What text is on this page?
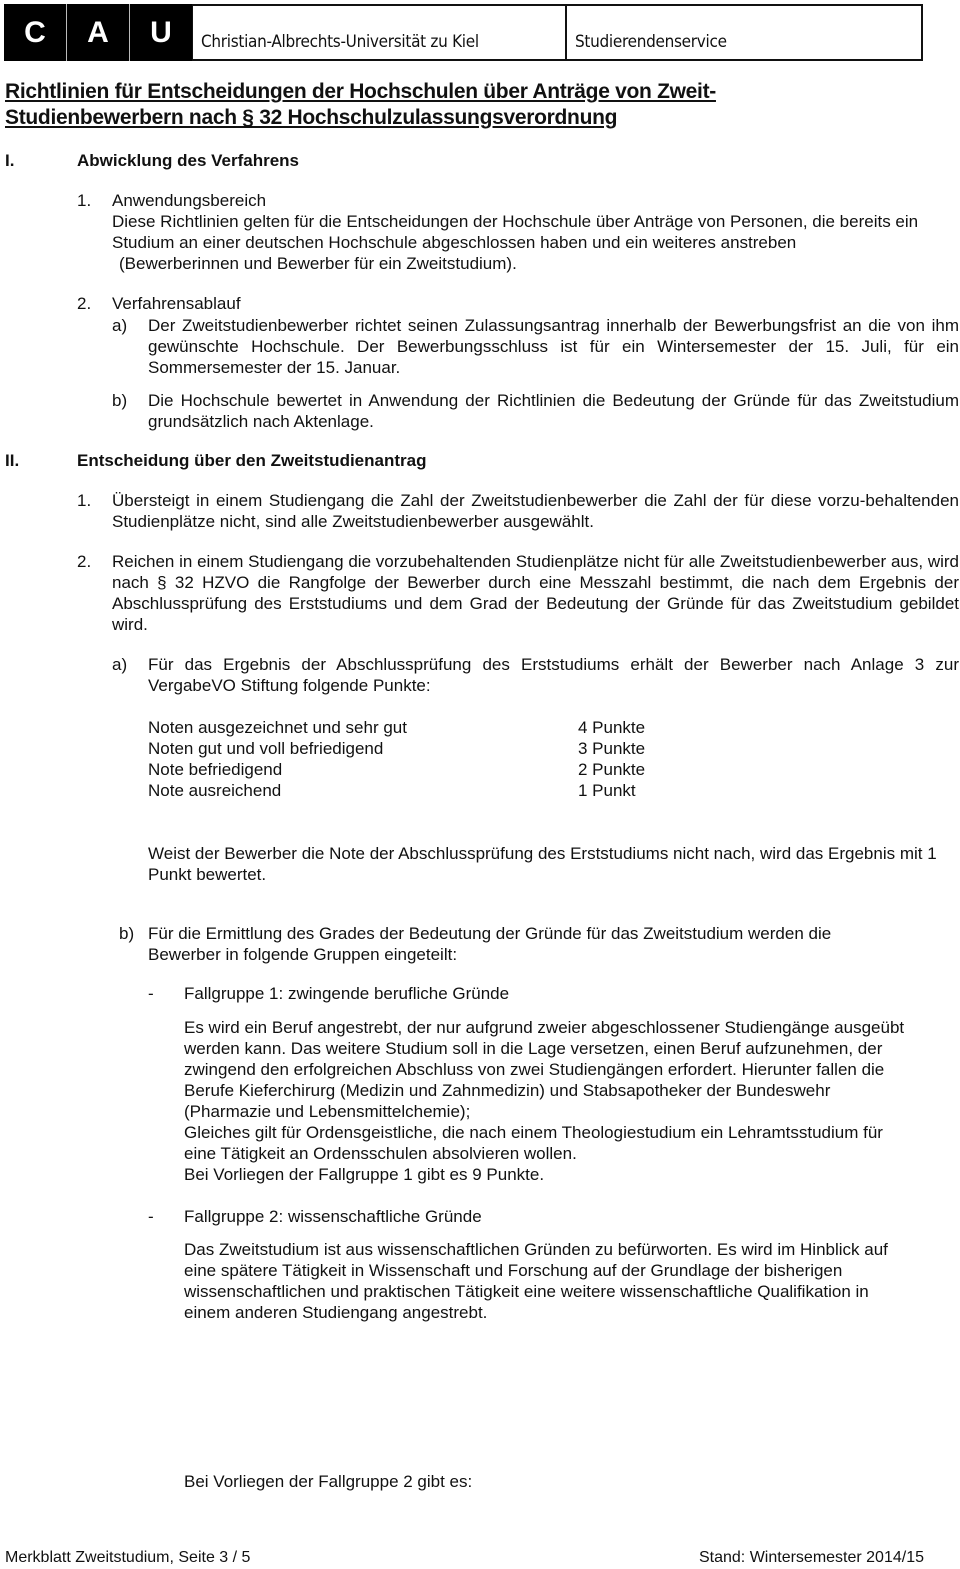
C	A	U	Christian-Albrechts-Universität zu Kiel	Studierendenservice
Richtlinien für Entscheidungen der Hochschulen über Anträge von Zweit-
Studienbewerbern nach § 32 Hochschulzulassungsverordnung
I.	Abwicklung des Verfahrens
1. Anwendungsbereich
Diese Richtlinien gelten für die Entscheidungen der Hochschule über Anträge von Personen, die bereits ein Studium an einer deutschen Hochschule abgeschlossen haben und ein weiteres anstreben
(Bewerberinnen und Bewerber für ein Zweitstudium).
2. Verfahrensablauf
a) Der Zweitstudienbewerber richtet seinen Zulassungsantrag innerhalb der Bewerbungsfrist an die von ihm gewünschte Hochschule. Der Bewerbungsschluss ist für ein Wintersemester der 15. Juli, für ein Sommersemester der 15. Januar.
b) Die Hochschule bewertet in Anwendung der Richtlinien die Bedeutung der Gründe für das Zweitstudium grundsätzlich nach Aktenlage.
II.	Entscheidung über den Zweitstudienantrag
1. Übersteigt in einem Studiengang die Zahl der Zweitstudienbewerber die Zahl der für diese vorzu-behaltenden Studienplätze nicht, sind alle Zweitstudienbewerber ausgewählt.
2. Reichen in einem Studiengang die vorzubehaltenden Studienplätze nicht für alle Zweitstudienbewerber aus, wird nach § 32 HZVO die Rangfolge der Bewerber durch eine Messzahl bestimmt, die nach dem Ergebnis der Abschlussprüfung des Erststudiums und dem Grad der Bedeutung der Gründe für das Zweitstudium gebildet wird.
a) Für das Ergebnis der Abschlussprüfung des Erststudiums erhält der Bewerber nach Anlage 3 zur VergabeVO Stiftung folgende Punkte:
Noten ausgezeichnet und sehr gut	4 Punkte
Noten gut und voll befriedigend	3 Punkte
Note befriedigend	2 Punkte
Note ausreichend	1 Punkt
Weist der Bewerber die Note der Abschlussprüfung des Erststudiums nicht nach, wird das Ergebnis mit 1 Punkt bewertet.
b) Für die Ermittlung des Grades der Bedeutung der Gründe für das Zweitstudium werden die Bewerber in folgende Gruppen eingeteilt:
- Fallgruppe 1: zwingende berufliche Gründe
Es wird ein Beruf angestrebt, der nur aufgrund zweier abgeschlossener Studiengänge ausgeübt
werden kann. Das weitere Studium soll in die Lage versetzen, einen Beruf aufzunehmen, der
zwingend den erfolgreichen Abschluss von zwei Studiengängen erfordert. Hierunter fallen die
Berufe Kieferchirurg (Medizin und Zahnmedizin) und Stabsapotheker der Bundeswehr
(Pharmazie und Lebensmittelchemie);
Gleiches gilt für Ordensgeistliche, die nach einem Theologiestudium ein Lehramtsstudium für
eine Tätigkeit an Ordensschulen absolvieren wollen.
Bei Vorliegen der Fallgruppe 1 gibt es 9 Punkte.
- Fallgruppe 2: wissenschaftliche Gründe
Das Zweitstudium ist aus wissenschaftlichen Gründen zu befürworten. Es wird im Hinblick auf
eine spätere Tätigkeit in Wissenschaft und Forschung auf der Grundlage der bisherigen
wissenschaftlichen und praktischen Tätigkeit eine weitere wissenschaftliche Qualifikation in
einem anderen Studiengang angestrebt.
Bei Vorliegen der Fallgruppe 2 gibt es:
Merkblatt Zweitstudium, Seite 3 / 5	Stand: Wintersemester 2014/15
